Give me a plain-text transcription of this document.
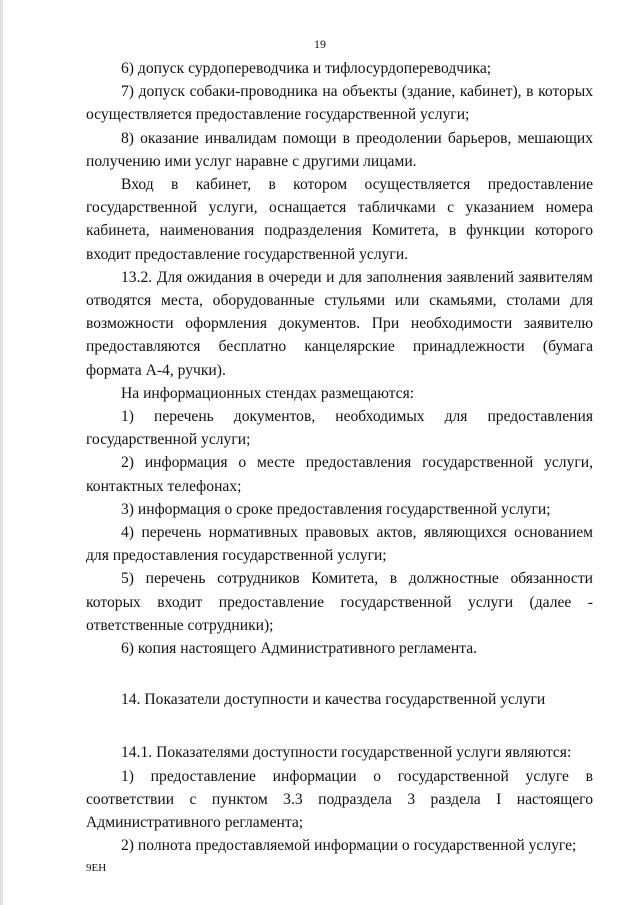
19

6) допуск сурдопереводчика и тифлосурдопереводчика;

7) допуск собаки-проводника на объекты (здание, кабинет), в которых осуществляется предоставление государственной услуги;

8) оказание инвалидам помощи в преодолении барьеров, мешающих получению ими услуг наравне с другими лицами.

Вход в кабинет, в котором осуществляется предоставление государственной услуги, оснащается табличками с указанием номера кабинета, наименования подразделения Комитета, в функции которого входит предоставление государственной услуги.

13.2. Для ожидания в очереди и для заполнения заявлений заявителям отводятся места, оборудованные стульями или скамьями, столами для возможности оформления документов. При необходимости заявителю предоставляются бесплатно канцелярские принадлежности (бумага формата А-4, ручки).

На информационных стендах размещаются:

1) перечень документов, необходимых для предоставления государственной услуги;

2) информация о месте предоставления государственной услуги, контактных телефонах;

3) информация о сроке предоставления государственной услуги;

4) перечень нормативных правовых актов, являющихся основанием для предоставления государственной услуги;

5) перечень сотрудников Комитета, в должностные обязанности которых входит предоставление государственной услуги (далее - ответственные сотрудники);

6) копия настоящего Административного регламента.

14. Показатели доступности и качества государственной услуги

14.1. Показателями доступности государственной услуги являются:

1) предоставление информации о государственной услуге в соответствии с пунктом 3.3 подраздела 3 раздела I настоящего Административного регламента;

2) полнота предоставляемой информации о государственной услуге;

9ЕН
